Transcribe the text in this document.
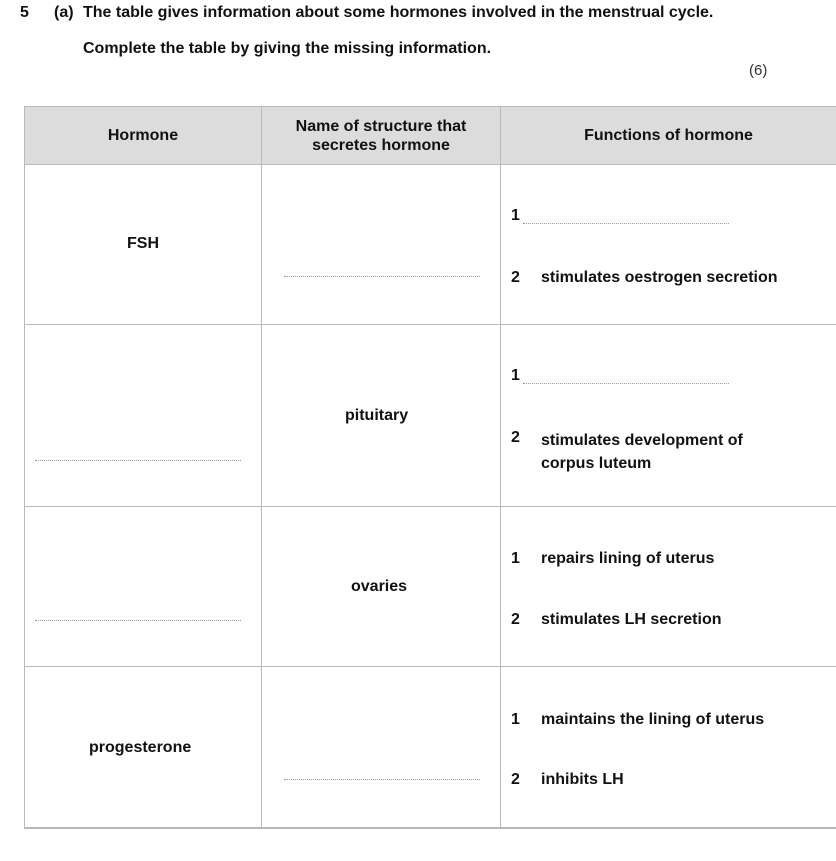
5 (a) The table gives information about some hormones involved in the menstrual cycle.
Complete the table by giving the missing information.
(6)
Hormone
Name of structure that secretes hormone
Functions of hormone
FSH
1
2 stimulates oestrogen secretion
pituitary
1
2 stimulates development of corpus luteum
ovaries
1 repairs lining of uterus
2 stimulates LH secretion
progesterone
1 maintains the lining of uterus
2 inhibits LH
